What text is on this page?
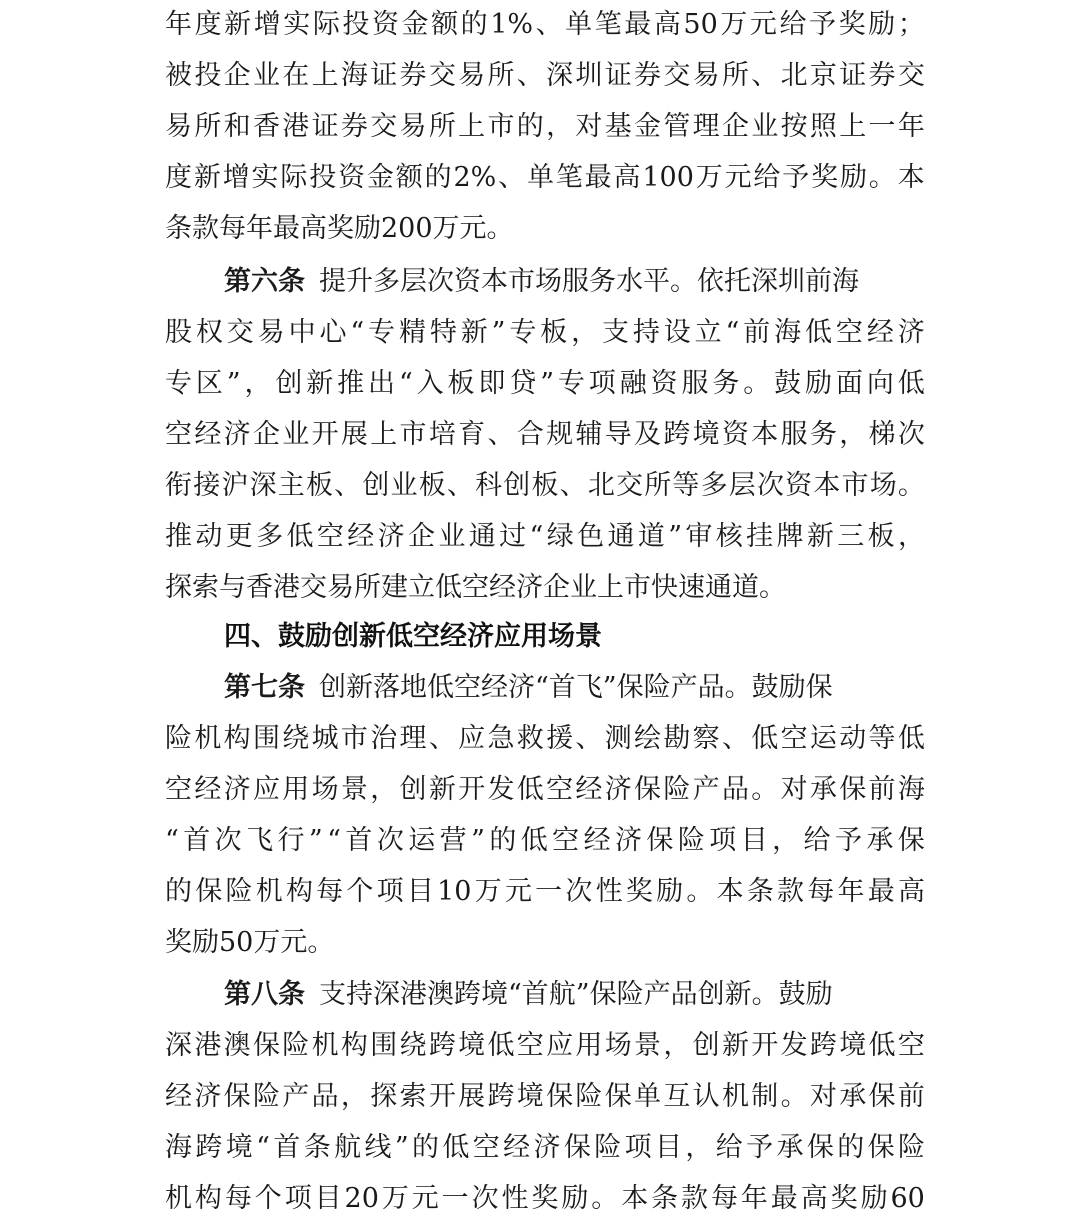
年 度 新 增 实 际 投 资 金 额 的 1% 、 单 笔 最 高 50 万 元 给 予 奖 励 ；
被 投 企 业 在 上 海 证 券 交 易 所 、 深 圳 证 券 交 易 所 、 北 京 证 券 交
易 所 和 香 港 证 券 交 易 所 上 市 的 ， 对 基 金 管 理 企 业 按 照 上 一 年
度 新 增 实 际 投 资 金 额 的 2% 、 单 笔 最 高 100 万 元 给 予 奖 励 。 本
条款每年最高奖励200万元。
第六条 提升多层次资本市场服务水平。依托深圳前海
股 权 交 易 中 心 “ 专 精 特 新 ” 专 板 ， 支 持 设 立 “ 前 海 低 空 经 济
专 区 ” ， 创 新 推 出 “ 入 板 即 贷 ” 专 项 融 资 服 务 。 鼓 励 面 向 低
空 经 济 企 业 开 展 上 市 培 育 、 合 规 辅 导 及 跨 境 资 本 服 务 ， 梯 次
衔 接 沪 深 主 板 、 创 业 板 、 科 创 板 、 北 交 所 等 多 层 次 资 本 市 场 。
推 动 更 多 低 空 经 济 企 业 通 过 “ 绿 色 通 道 ” 审 核 挂 牌 新 三 板 ，
探索与香港交易所建立低空经济企业上市快速通道。
四、鼓励创新低空经济应用场景
第七条 创新落地低空经济“首飞”保险产品。鼓励保
险 机 构 围 绕 城 市 治 理 、 应 急 救 援 、 测 绘 勘 察 、 低 空 运 动 等 低
空 经 济 应 用 场 景 ， 创 新 开 发 低 空 经 济 保 险 产 品 。 对 承 保 前 海
“ 首 次 飞 行 ” “ 首 次 运 营 ” 的 低 空 经 济 保 险 项 目 ， 给 予 承 保
的 保 险 机 构 每 个 项 目 10 万 元 一 次 性 奖 励 。 本 条 款 每 年 最 高
奖励50万元。
第八条 支持深港澳跨境“首航”保险产品创新。鼓励
深 港 澳 保 险 机 构 围 绕 跨 境 低 空 应 用 场 景 ， 创 新 开 发 跨 境 低 空
经 济 保 险 产 品 ， 探 索 开 展 跨 境 保 险 保 单 互 认 机 制 。 对 承 保 前
海 跨 境 “ 首 条 航 线 ” 的 低 空 经 济 保 险 项 目 ， 给 予 承 保 的 保 险
机 构 每 个 项 目 20 万 元 一 次 性 奖 励 。 本 条 款 每 年 最 高 奖 励 60
